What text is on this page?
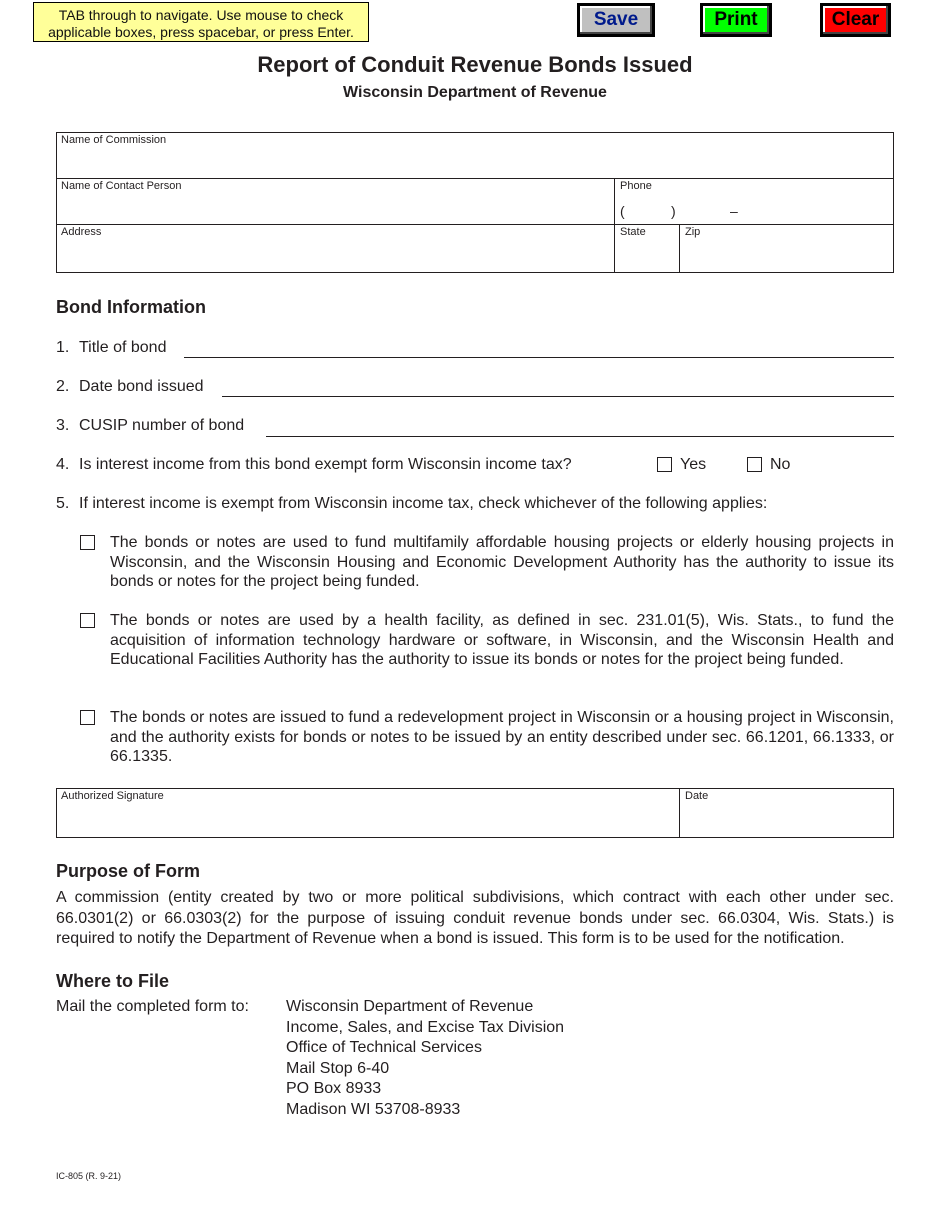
TAB through to navigate. Use mouse to check applicable boxes, press spacebar, or press Enter.
Save	Print	Clear
Report of Conduit Revenue Bonds Issued
Wisconsin Department of Revenue
Name of Commission
Name of Contact Person	Phone
(	)	–
Address	State	Zip
Bond Information
1. Title of bond
2. Date bond issued
3. CUSIP number of bond
4. Is interest income from this bond exempt form Wisconsin income tax?	Yes	No
5. If interest income is exempt from Wisconsin income tax, check whichever of the following applies:
The bonds or notes are used to fund multifamily affordable housing projects or elderly housing projects in Wisconsin, and the Wisconsin Housing and Economic Development Authority has the authority to issue its bonds or notes for the project being funded.
The bonds or notes are used by a health facility, as defined in sec. 231.01(5), Wis. Stats., to fund the acquisition of information technology hardware or software, in Wisconsin, and the Wisconsin Health and Educational Facilities Authority has the authority to issue its bonds or notes for the project being funded.
The bonds or notes are issued to fund a redevelopment project in Wisconsin or a housing project in Wisconsin, and the authority exists for bonds or notes to be issued by an entity described under sec. 66.1201, 66.1333, or 66.1335.
Authorized Signature	Date
Purpose of Form
A commission (entity created by two or more political subdivisions, which contract with each other under sec. 66.0301(2) or 66.0303(2) for the purpose of issuing conduit revenue bonds under sec. 66.0304, Wis. Stats.) is required to notify the Department of Revenue when a bond is issued. This form is to be used for the notification.
Where to File
Mail the completed form to: Wisconsin Department of Revenue
Income, Sales, and Excise Tax Division
Office of Technical Services
Mail Stop 6-40
PO Box 8933
Madison WI 53708-8933
IC-805 (R. 9-21)
